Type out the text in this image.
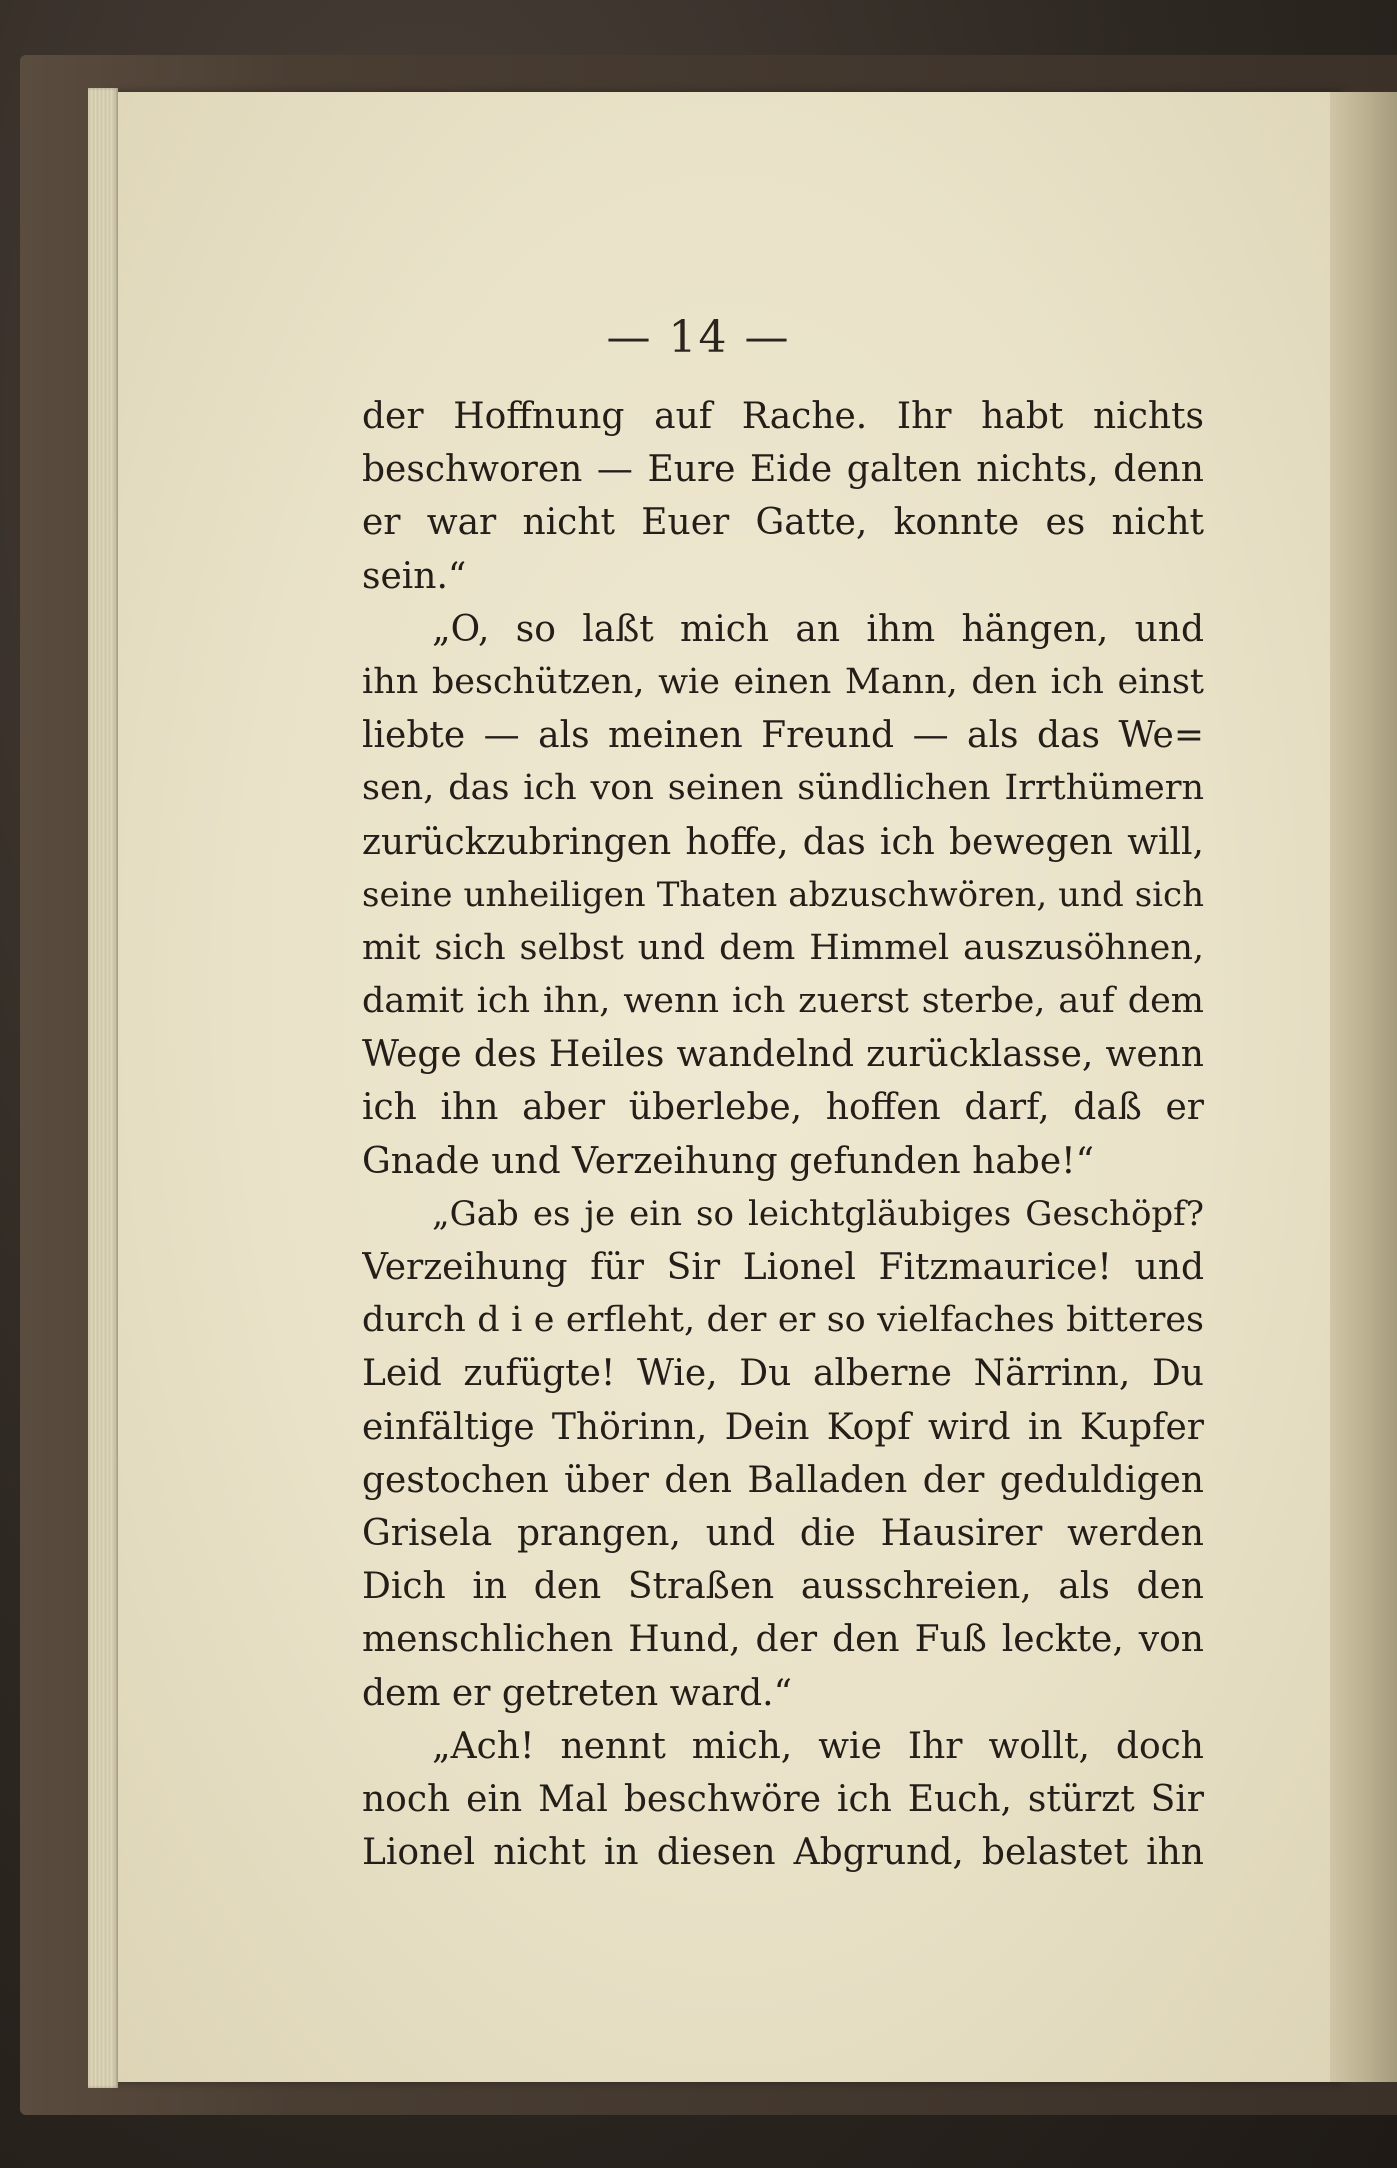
— 14 —
der Hoffnung auf Rache. Ihr habt nichts
beschworen — Eure Eide galten nichts, denn
er war nicht Euer Gatte, konnte es nicht
sein.“
„O, so laßt mich an ihm hängen, und
ihn beschützen, wie einen Mann, den ich einst
liebte — als meinen Freund — als das We=
sen, das ich von seinen sündlichen Irrthümern
zurückzubringen hoffe, das ich bewegen will,
seine unheiligen Thaten abzuschwören, und sich
mit sich selbst und dem Himmel auszusöhnen,
damit ich ihn, wenn ich zuerst sterbe, auf dem
Wege des Heiles wandelnd zurücklasse, wenn
ich ihn aber überlebe, hoffen darf, daß er
Gnade und Verzeihung gefunden habe!“
„Gab es je ein so leichtgläubiges Geschöpf?
Verzeihung für Sir Lionel Fitzmaurice! und
durch d i e erfleht, der er so vielfaches bitteres
Leid zufügte! Wie, Du alberne Närrinn, Du
einfältige Thörinn, Dein Kopf wird in Kupfer
gestochen über den Balladen der geduldigen
Grisela prangen, und die Hausirer werden
Dich in den Straßen ausschreien, als den
menschlichen Hund, der den Fuß leckte, von
dem er getreten ward.“
„Ach! nennt mich, wie Ihr wollt, doch
noch ein Mal beschwöre ich Euch, stürzt Sir
Lionel nicht in diesen Abgrund, belastet ihn
